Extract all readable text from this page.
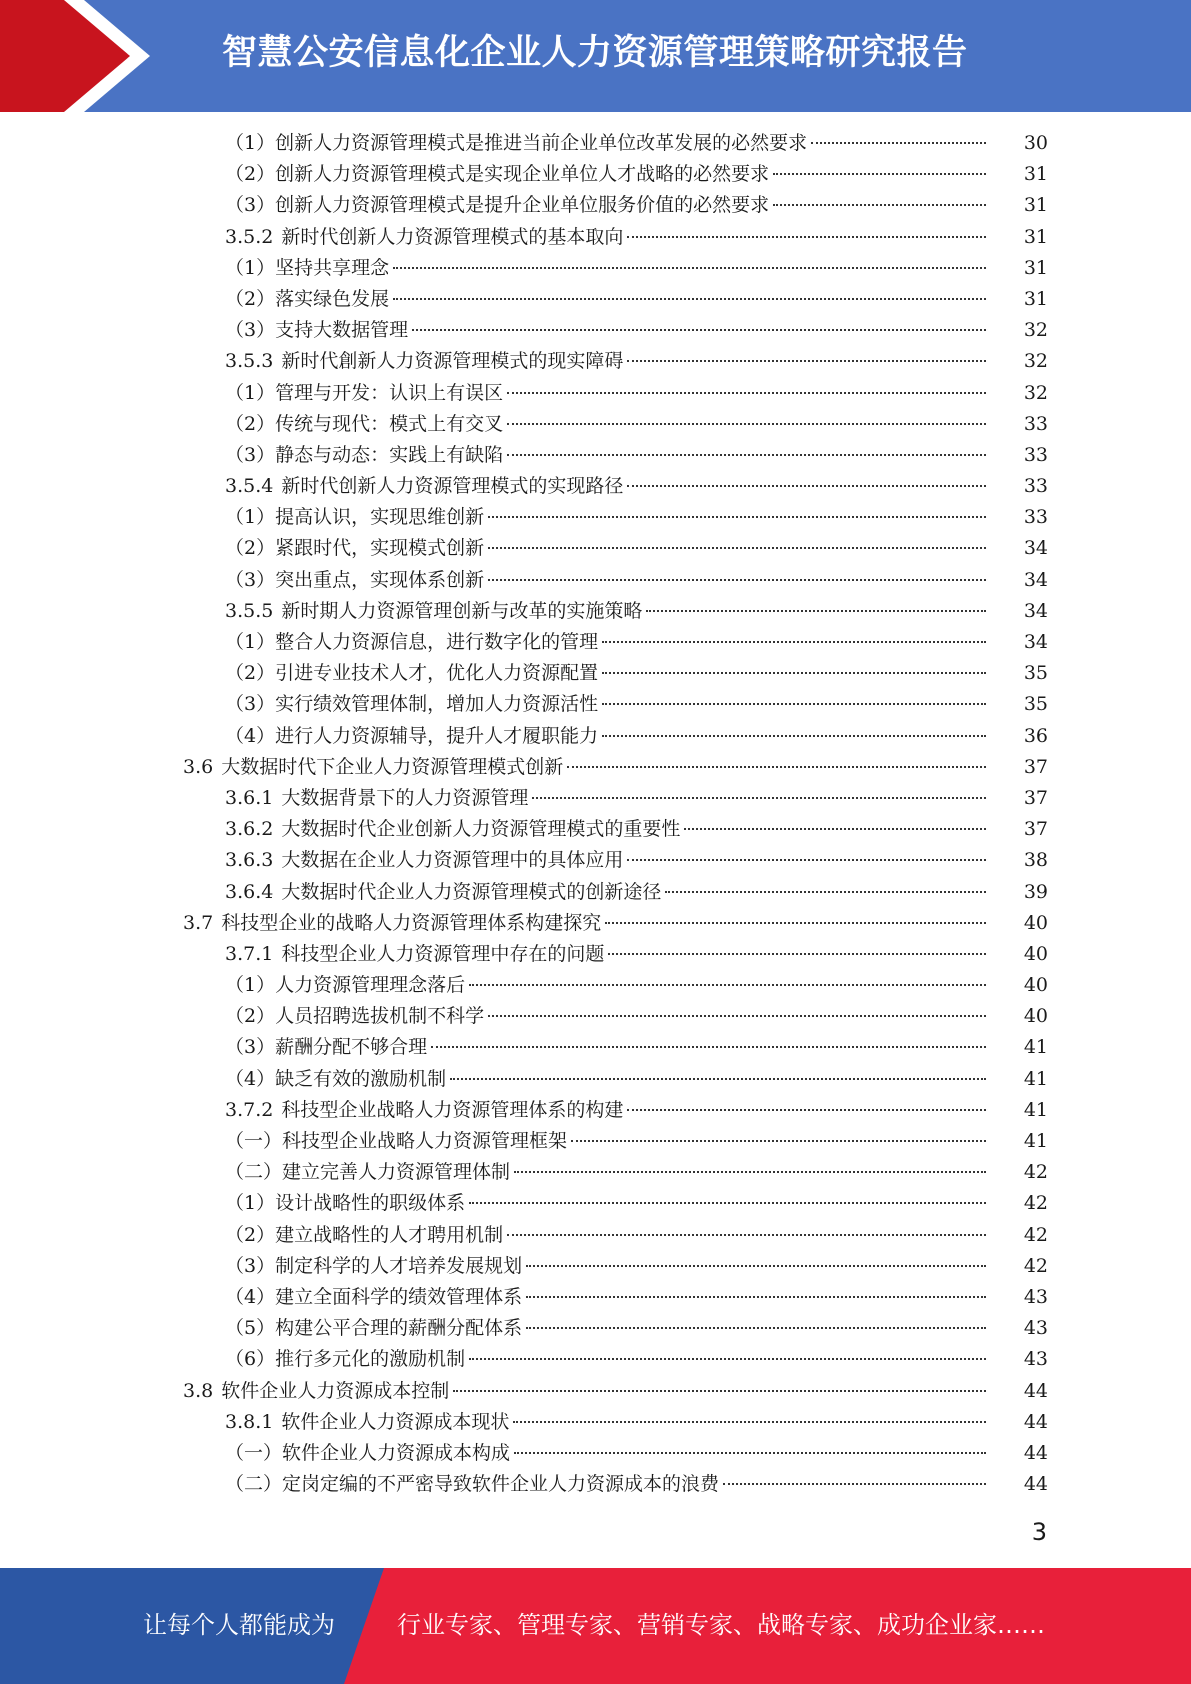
智慧公安信息化企业人力资源管理策略研究报告
（1）创新人力资源管理模式是推进当前企业单位改革发展的必然要求	30
（2）创新人力资源管理模式是实现企业单位人才战略的必然要求	31
（3）创新人力资源管理模式是提升企业单位服务价值的必然要求	31
3.5.2 新时代创新人力资源管理模式的基本取向	31
（1）坚持共享理念	31
（2）落实绿色发展	31
（3）支持大数据管理	32
3.5.3 新时代創新人力资源管理模式的现实障碍	32
（1）管理与开发：认识上有误区	32
（2）传统与现代：模式上有交叉	33
（3）静态与动态：实践上有缺陷	33
3.5.4 新时代创新人力资源管理模式的实现路径	33
（1）提高认识，实现思维创新	33
（2）紧跟时代，实现模式创新	34
（3）突出重点，实现体系创新	34
3.5.5 新时期人力资源管理创新与改革的实施策略	34
（1）整合人力资源信息，进行数字化的管理	34
（2）引进专业技术人才，优化人力资源配置	35
（3）实行绩效管理体制，增加人力资源活性	35
（4）进行人力资源辅导，提升人才履职能力	36
3.6 大数据时代下企业人力资源管理模式创新	37
3.6.1 大数据背景下的人力资源管理	37
3.6.2 大数据时代企业创新人力资源管理模式的重要性	37
3.6.3 大数据在企业人力资源管理中的具体应用	38
3.6.4 大数据时代企业人力资源管理模式的创新途径	39
3.7 科技型企业的战略人力资源管理体系构建探究	40
3.7.1 科技型企业人力资源管理中存在的问题	40
（1）人力资源管理理念落后	40
（2）人员招聘选拔机制不科学	40
（3）薪酬分配不够合理	41
（4）缺乏有效的激励机制	41
3.7.2 科技型企业战略人力资源管理体系的构建	41
（一）科技型企业战略人力资源管理框架	41
（二）建立完善人力资源管理体制	42
（1）设计战略性的职级体系	42
（2）建立战略性的人才聘用机制	42
（3）制定科学的人才培养发展规划	42
（4）建立全面科学的绩效管理体系	43
（5）构建公平合理的薪酬分配体系	43
（6）推行多元化的激励机制	43
3.8 软件企业人力资源成本控制	44
3.8.1 软件企业人力资源成本现状	44
（一）软件企业人力资源成本构成	44
（二）定岗定编的不严密导致软件企业人力资源成本的浪费	44
3
让每个人都能成为	行业专家、管理专家、营销专家、战略专家、成功企业家……
